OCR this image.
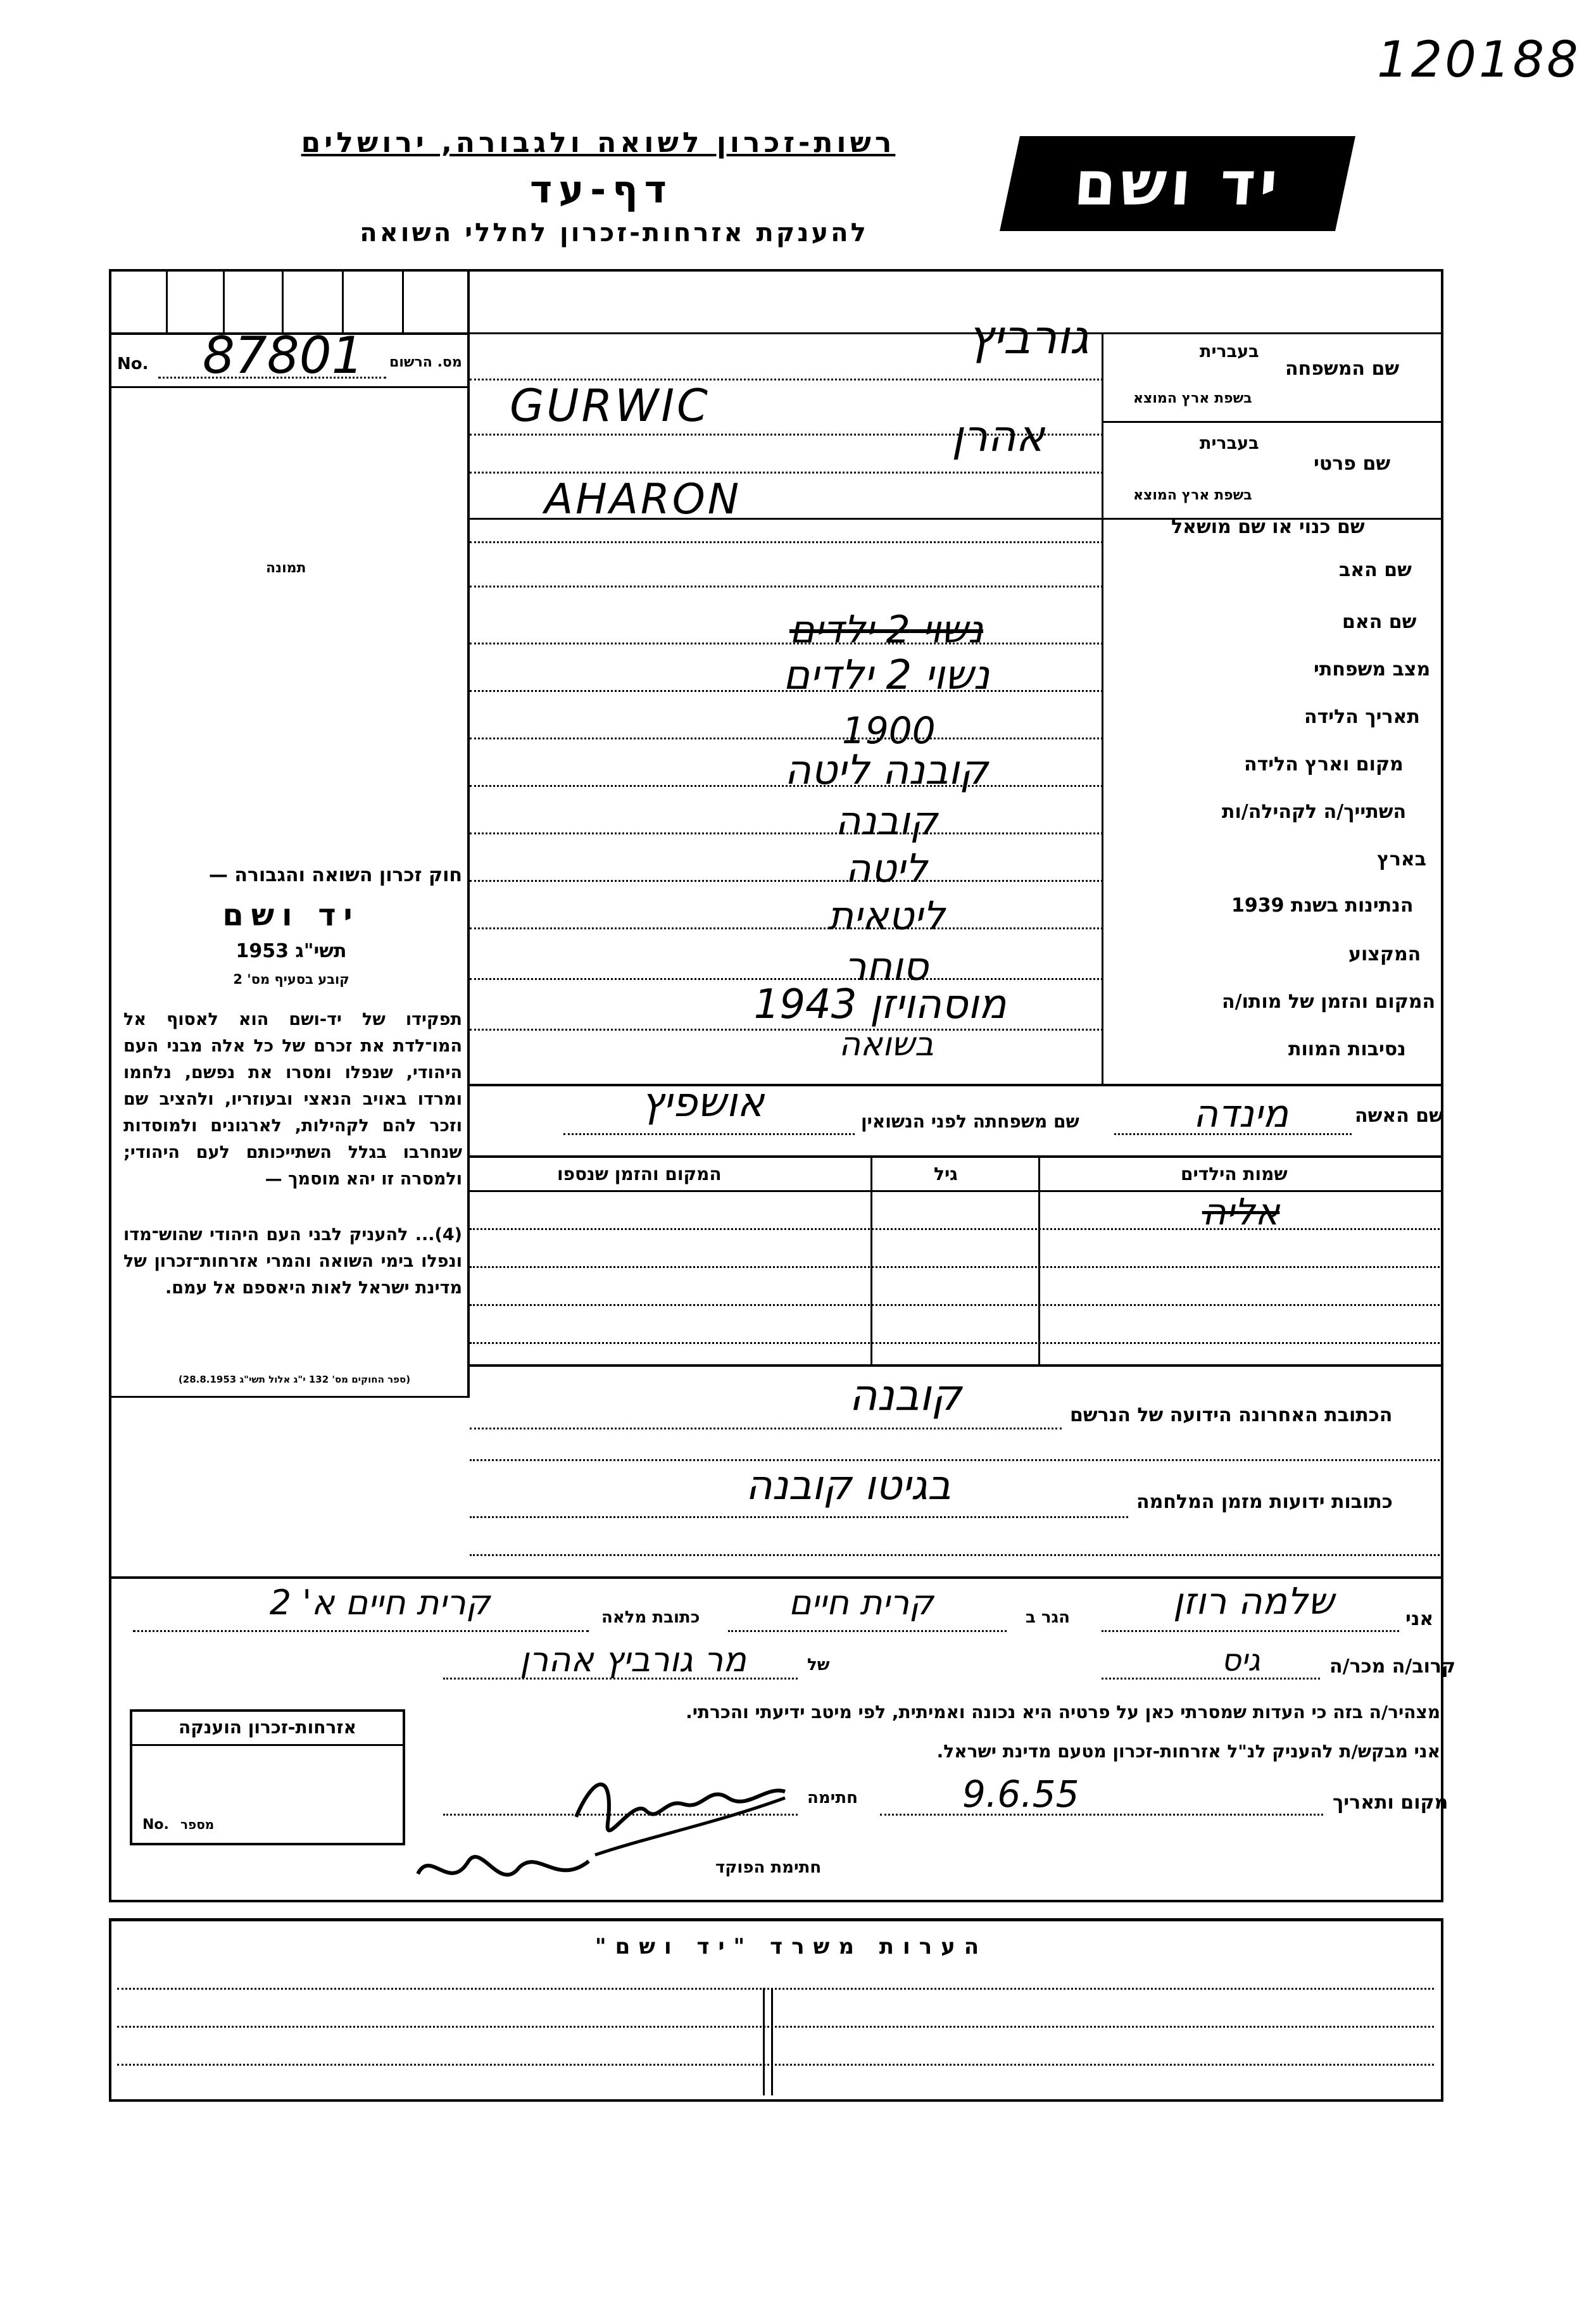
120188
רשות-זכרון לשואה ולגבורה, ירושלים
דף-עד
להענקת אזרחות-זכרון לחללי השואה
יד ושם
No.	מס. הרשום
87801
תמונה
חוק זכרון השואה והגבורה —
יד ושם
תשי"ג 1953
קובע בסעיף מס' 2
תפקידו של יד-ושם הוא לאסוף אל המו־לדת את זכרם של כל אלה מבני העם היהודי, שנפלו ומסרו את נפשם, נלחמו ומרדו באויב הנאצי ובעוזריו, ולהציב שם וזכר להם לקהילות, לארגונים ולמוסדות שנחרבו בגלל השתייכותם לעם היהודי; ולמסרה זו יהא מוסמך —
(4)... להעניק לבני העם היהודי שהוש־מדו ונפלו בימי השואה והמרי אזרחות־זכרון של מדינת ישראל לאות היאספם אל עמם.
(ספר החוקים מס' 132 י"ג אלול תשי"ג 28.8.1953)
שם המשפחה
בעברית
בשפת ארץ המוצא
גורביץ
GURWIC
שם פרטי
בעברית
בשפת ארץ המוצא
אהרן
AHARON
שם כנוי או שם מושאל
שם האב
שם האם
נשוי 2 ילדים
מצב משפחתי
נשוי 2 ילדים
תאריך הלידה
1900
מקום וארץ הלידה
קובנה ליטה
השתייך/ה לקהילה/ות
קובנה
בארץ
ליטה
הנתינות בשנת 1939
ליטאית
המקצוע
סוחר
המקום והזמן של מותו/ה
מוסהויזן 1943
נסיבות המוות
בשואה
שם האשה
מינדה
שם משפחתה לפני הנשואין
אושפיץ
שמות הילדים
גיל
המקום והזמן שנספו
אליה
הכתובת האחרונה הידועה של הנרשם
קובנה
כתובות ידועות מזמן המלחמה
בגיטו קובנה
אני
שלמה רוזן
הגר ב
קרית חיים
כתובת מלאה
קרית חיים א' 2
קרוב/ה מכר/ה
גיס
של
מר גורביץ אהרן
מצהיר/ה בזה כי העדות שמסרתי כאן על פרטיה היא נכונה ואמיתית, לפי מיטב ידיעתי והכרתי.
אני מבקש/ת להעניק לנ"ל אזרחות-זכרון מטעם מדינת ישראל.
מקום ותאריך
9.6.55
חתימה
חתימת הפוקד
אזרחות-זכרון הוענקה
No. מספר
הערות משרד "יד ושם"
